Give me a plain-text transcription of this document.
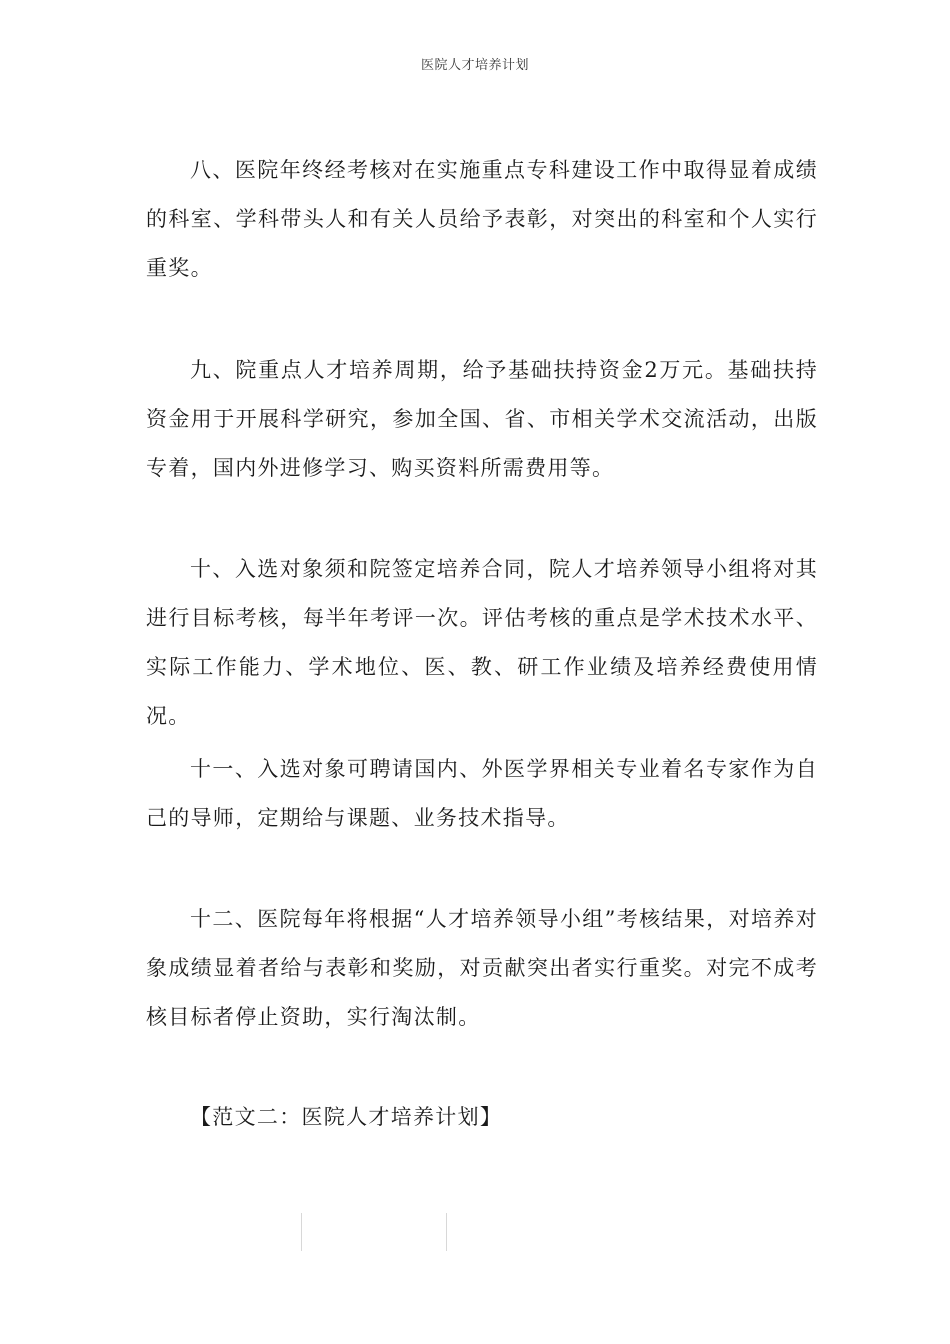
医院人才培养计划

八、医院年终经考核对在实施重点专科建设工作中取得显着成绩的科室、学科带头人和有关人员给予表彰，对突出的科室和个人实行重奖。

九、院重点人才培养周期，给予基础扶持资金2万元。基础扶持资金用于开展科学研究，参加全国、省、市相关学术交流活动，出版专着，国内外进修学习、购买资料所需费用等。

十、入选对象须和院签定培养合同，院人才培养领导小组将对其进行目标考核，每半年考评一次。评估考核的重点是学术技术水平、实际工作能力、学术地位、医、教、研工作业绩及培养经费使用情况。

十一、入选对象可聘请国内、外医学界相关专业着名专家作为自己的导师，定期给与课题、业务技术指导。

十二、医院每年将根据“人才培养领导小组”考核结果，对培养对象成绩显着者给与表彰和奖励，对贡献突出者实行重奖。对完不成考核目标者停止资助，实行淘汰制。

【范文二：医院人才培养计划】
